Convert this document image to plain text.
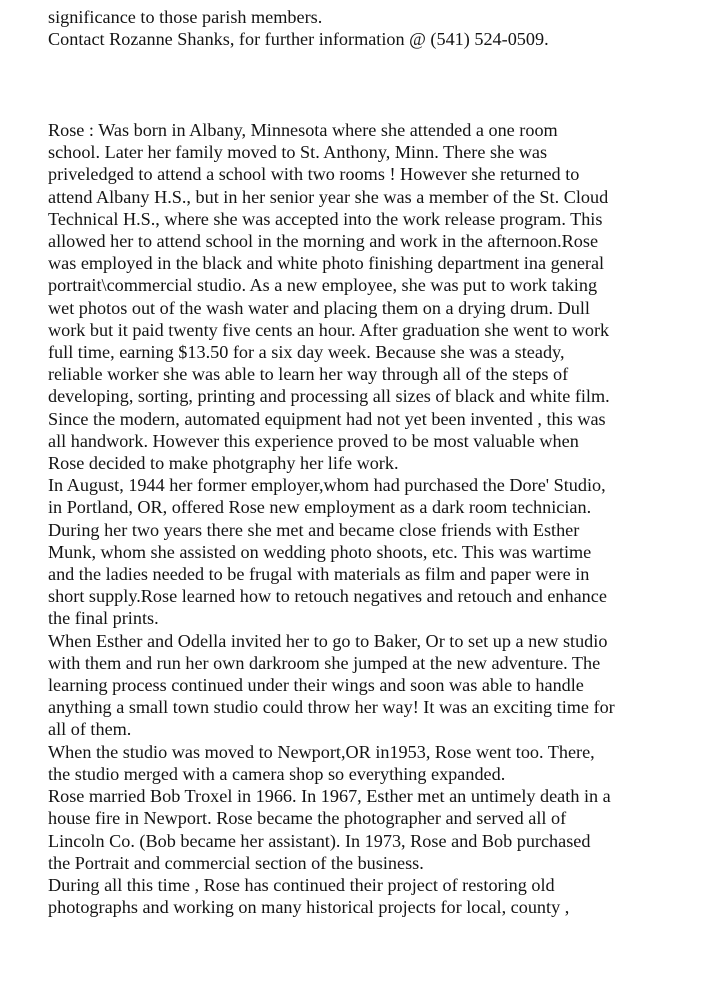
significance to those parish members.
Contact Rozanne Shanks, for further information @ (541) 524-0509.
Rose : Was born in Albany, Minnesota where she attended a one room
school. Later her family moved to St. Anthony, Minn. There she was
priveledged to attend a school with two rooms ! However she returned to
attend Albany H.S., but in her senior year she was a member of the St. Cloud
Technical H.S., where she was accepted into the work release program. This
allowed her to attend school in the morning and work in the afternoon.Rose
was employed in the black and white photo finishing department ina general
portrait\commercial studio. As a new employee, she was put to work taking
wet photos out of the wash water and placing them on a drying drum. Dull
work but it paid twenty five cents an hour. After graduation she went to work
full time, earning $13.50 for a six day week. Because she was a steady,
reliable worker she was able to learn her way through all of the steps of
developing, sorting, printing and processing all sizes of black and white film.
Since the modern, automated equipment had not yet been invented , this was
all handwork. However this experience proved to be most valuable when
Rose decided to make photgraphy her life work.
In August, 1944 her former employer,whom had purchased the Dore' Studio,
in Portland, OR, offered Rose new employment as a dark room technician.
During her two years there she met and became close friends with Esther
Munk, whom she assisted on wedding photo shoots, etc. This was wartime
and the ladies needed to be frugal with materials as film and paper were in
short supply.Rose learned how to retouch negatives and retouch and enhance
the final prints.
When Esther and Odella invited her to go to Baker, Or to set up a new studio
with them and run her own darkroom she jumped at the new adventure. The
learning process continued under their wings and soon was able to handle
anything a small town studio could throw her way! It was an exciting time for
all of them.
When the studio was moved to Newport,OR in1953, Rose went too. There,
the studio merged with a camera shop so everything expanded.
Rose married Bob Troxel in 1966. In 1967, Esther met an untimely death in a
house fire in Newport. Rose became the photographer and served all of
Lincoln Co. (Bob became her assistant). In 1973, Rose and Bob purchased
the Portrait and commercial section of the business.
During all this time , Rose has continued their project of restoring old
photographs and working on many historical projects for local, county ,
